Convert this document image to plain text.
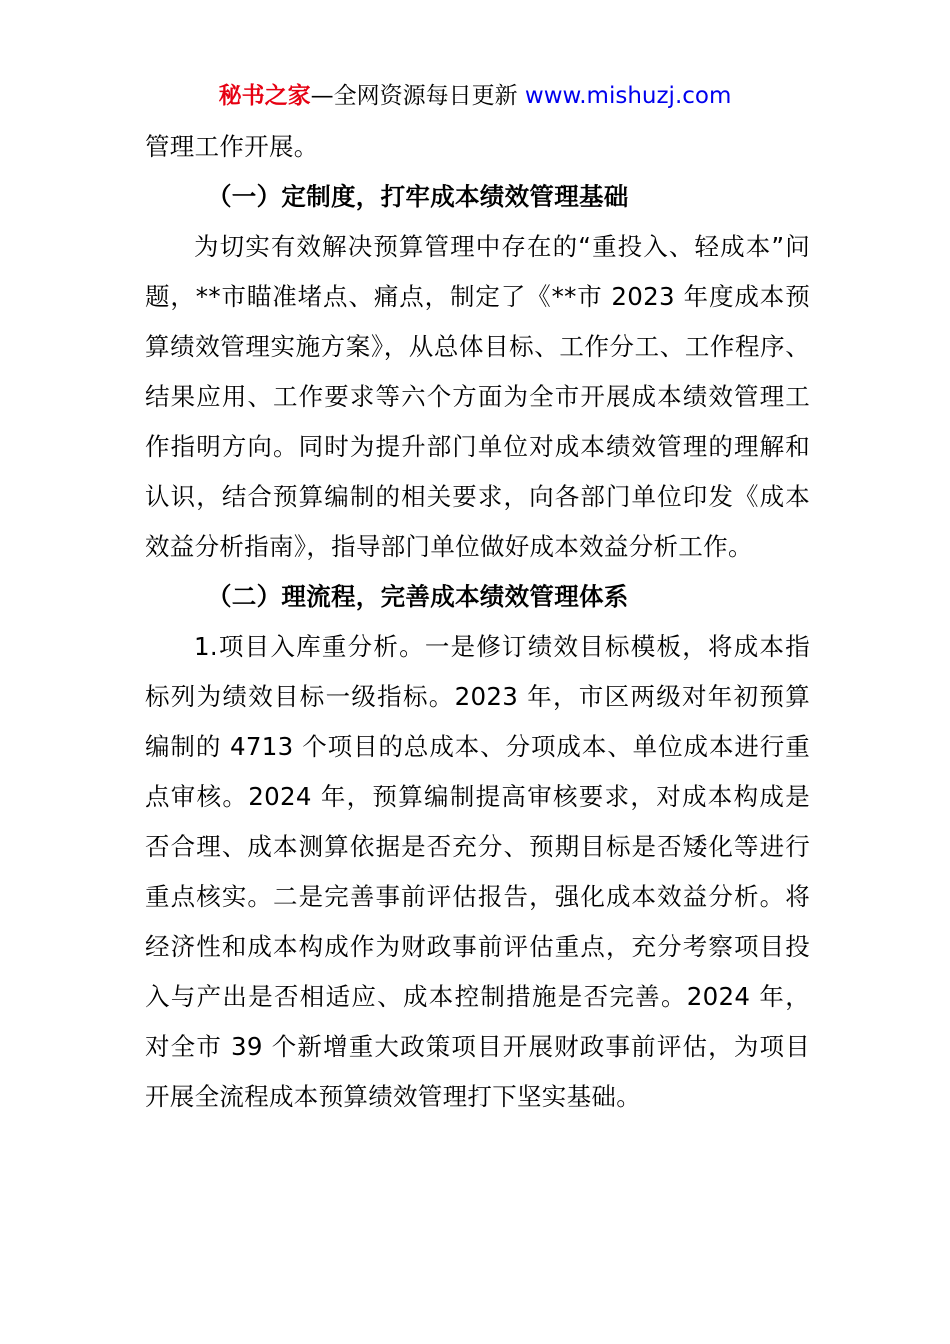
秘书之家—全网资源每日更新 www.mishuzj.com

管理工作开展。

（一）定制度，打牢成本绩效管理基础

为切实有效解决预算管理中存在的“重投入、轻成本”问题，**市瞄准堵点、痛点，制定了《**市 2023 年度成本预算绩效管理实施方案》，从总体目标、工作分工、工作程序、结果应用、工作要求等六个方面为全市开展成本绩效管理工作指明方向。同时为提升部门单位对成本绩效管理的理解和认识，结合预算编制的相关要求，向各部门单位印发《成本效益分析指南》，指导部门单位做好成本效益分析工作。

（二）理流程，完善成本绩效管理体系

1.项目入库重分析。一是修订绩效目标模板，将成本指标列为绩效目标一级指标。2023 年，市区两级对年初预算编制的 4713 个项目的总成本、分项成本、单位成本进行重点审核。2024 年，预算编制提高审核要求，对成本构成是否合理、成本测算依据是否充分、预期目标是否矮化等进行重点核实。二是完善事前评估报告，强化成本效益分析。将经济性和成本构成作为财政事前评估重点，充分考察项目投入与产出是否相适应、成本控制措施是否完善。2024 年，对全市 39 个新增重大政策项目开展财政事前评估，为项目开展全流程成本预算绩效管理打下坚实基础。
